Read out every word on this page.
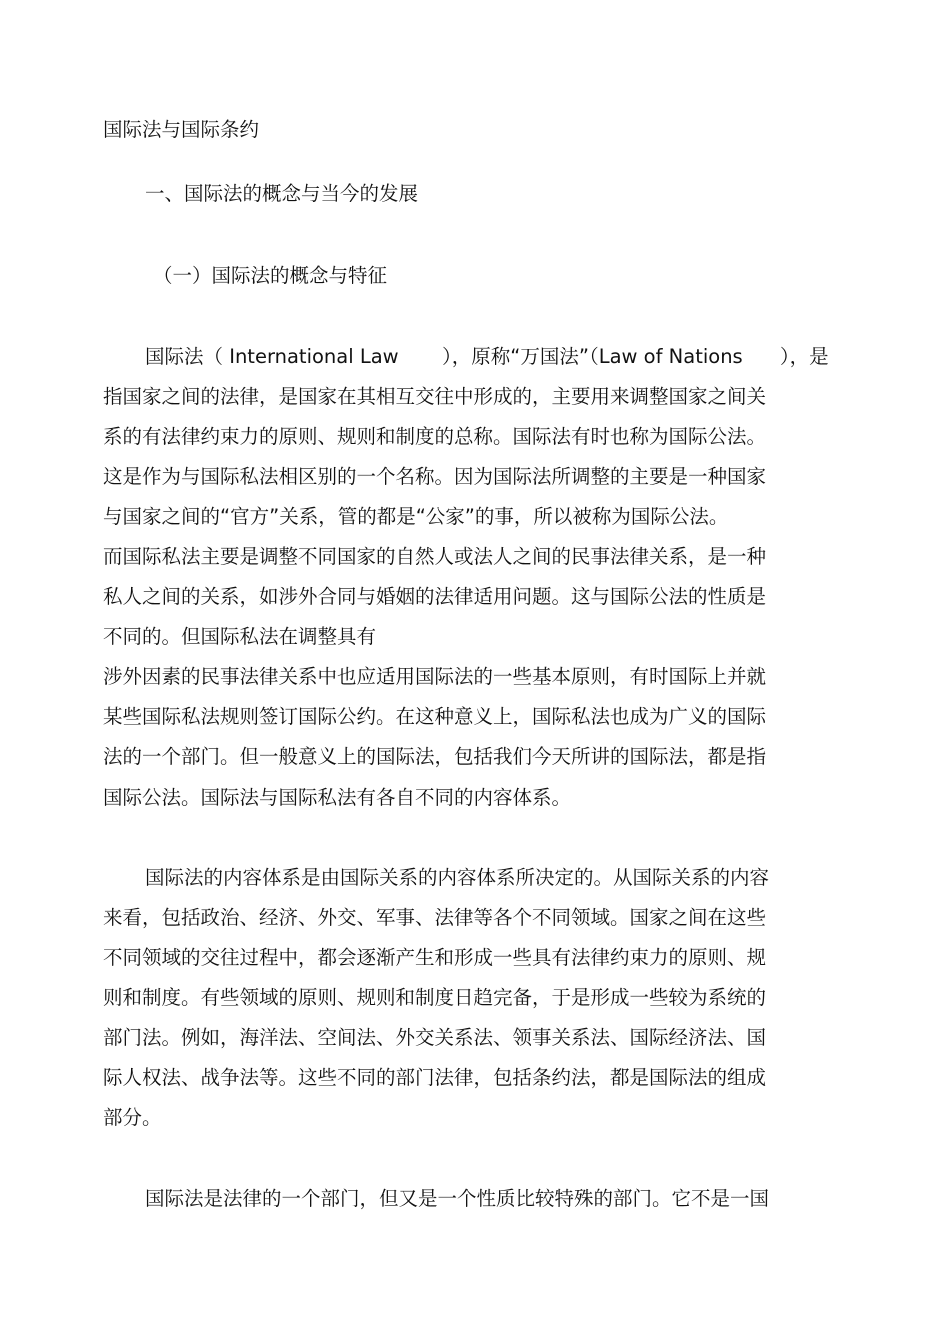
国际法与国际条约
一、国际法的概念与当今的发展
（一）国际法的概念与特征
国际法（ International Law       ），原称“万国法”（Law of Nations      ），是
指国家之间的法律，是国家在其相互交往中形成的，主要用来调整国家之间关
系的有法律约束力的原则、规则和制度的总称。国际法有时也称为国际公法。
这是作为与国际私法相区别的一个名称。因为国际法所调整的主要是一种国家
与国家之间的“官方”关系，管的都是“公家”的事，所以被称为国际公法。
而国际私法主要是调整不同国家的自然人或法人之间的民事法律关系，是一种
私人之间的关系，如涉外合同与婚姻的法律适用问题。这与国际公法的性质是
不同的。但国际私法在调整具有
涉外因素的民事法律关系中也应适用国际法的一些基本原则，有时国际上并就
某些国际私法规则签订国际公约。在这种意义上，国际私法也成为广义的国际
法的一个部门。但一般意义上的国际法，包括我们今天所讲的国际法，都是指
国际公法。国际法与国际私法有各自不同的内容体系。
国际法的内容体系是由国际关系的内容体系所决定的。从国际关系的内容
来看，包括政治、经济、外交、军事、法律等各个不同领域。国家之间在这些
不同领域的交往过程中，都会逐渐产生和形成一些具有法律约束力的原则、规
则和制度。有些领域的原则、规则和制度日趋完备，于是形成一些较为系统的
部门法。例如，海洋法、空间法、外交关系法、领事关系法、国际经济法、国
际人权法、战争法等。这些不同的部门法律，包括条约法，都是国际法的组成
部分。
国际法是法律的一个部门，但又是一个性质比较特殊的部门。它不是一国
